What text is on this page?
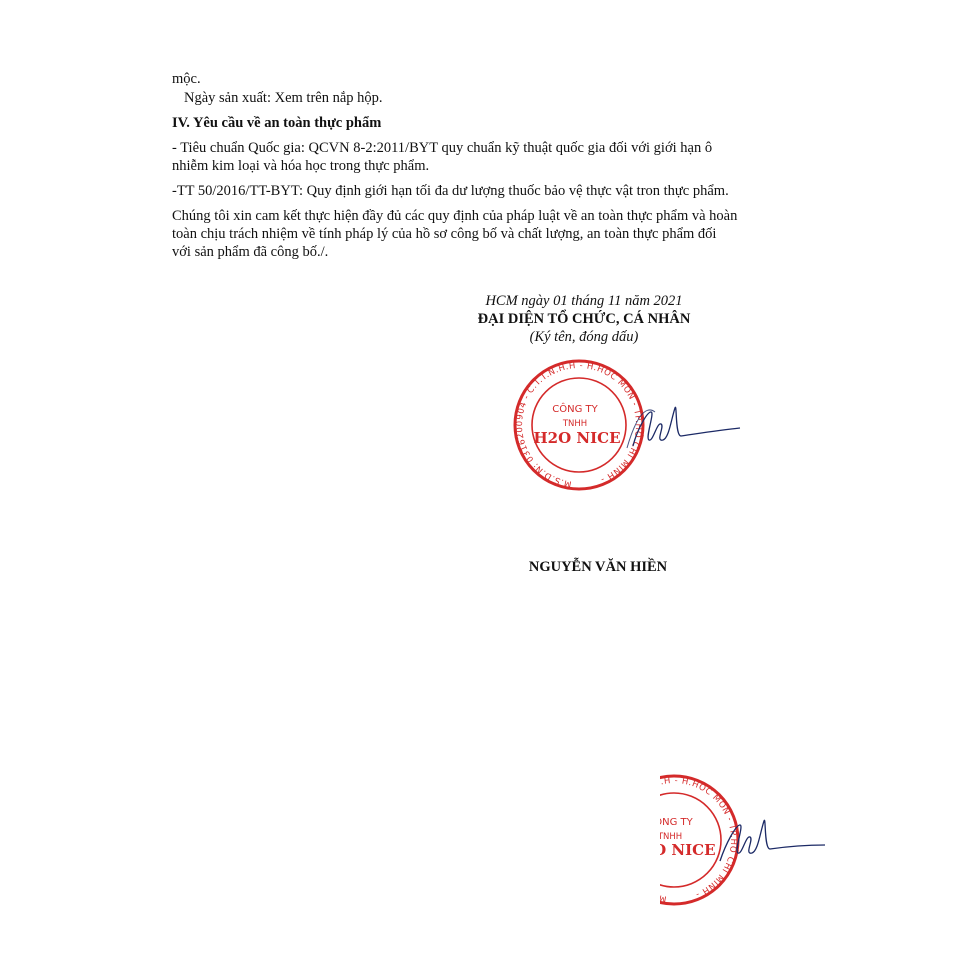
mộc.
Ngày sản xuất: Xem trên nắp hộp.
IV. Yêu cầu về an toàn thực phẩm
- Tiêu chuẩn Quốc gia: QCVN 8-2:2011/BYT quy chuẩn kỹ thuật quốc gia đối với giới hạn ô
nhiễm kim loại và hóa học trong thực phẩm.
-TT 50/2016/TT-BYT: Quy định giới hạn tối đa dư lượng thuốc bảo vệ thực vật tron thực phẩm.
Chúng tôi xin cam kết thực hiện đầy đủ các quy định của pháp luật về an toàn thực phẩm và hoàn
toàn chịu trách nhiệm về tính pháp lý của hồ sơ công bố và chất lượng, an toàn thực phẩm đối
với sản phẩm đã công bố./.
HCM ngày 01 tháng 11 năm 2021
ĐẠI DIỆN TỔ CHỨC, CÁ NHÂN
(Ký tên, đóng dấu)
M.S.D.N: 0316200904 - C.T.T.N.H.H - H.HÓC MÔN - TP.HỒ CHÍ MINH -
CÔNG TY
TNHH
H2O NICE
NGUYỄN VĂN HIỀN
M.S.D.N: 0316200904 - C.T.T.N.H.H - H.HÓC MÔN - TP.HỒ CHÍ MINH -
CÔNG TY
TNHH
H2O NICE
